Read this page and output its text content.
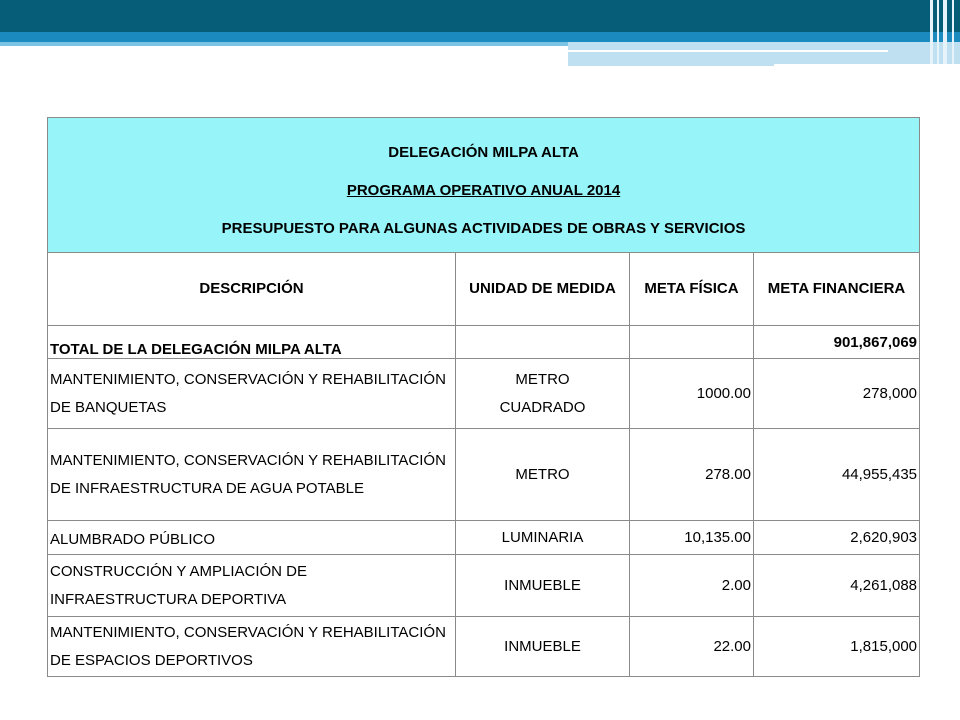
DELEGACIÓN MILPA ALTA
PROGRAMA OPERATIVO ANUAL 2014
PRESUPUESTO PARA ALGUNAS ACTIVIDADES DE OBRAS Y SERVICIOS			

DESCRIPCIÓN	UNIDAD DE MEDIDA	META FÍSICA	META FINANCIERA
TOTAL DE LA DELEGACIÓN MILPA ALTA			901,867,069
MANTENIMIENTO, CONSERVACIÓN Y REHABILITACIÓN DE BANQUETAS	METRO CUADRADO	1000.00	278,000
MANTENIMIENTO, CONSERVACIÓN Y REHABILITACIÓN DE INFRAESTRUCTURA DE AGUA POTABLE	METRO	278.00	44,955,435
ALUMBRADO PÚBLICO	LUMINARIA	10,135.00	2,620,903
CONSTRUCCIÓN Y AMPLIACIÓN DE INFRAESTRUCTURA DEPORTIVA	INMUEBLE	2.00	4,261,088
MANTENIMIENTO, CONSERVACIÓN Y REHABILITACIÓN DE ESPACIOS DEPORTIVOS	INMUEBLE	22.00	1,815,000
